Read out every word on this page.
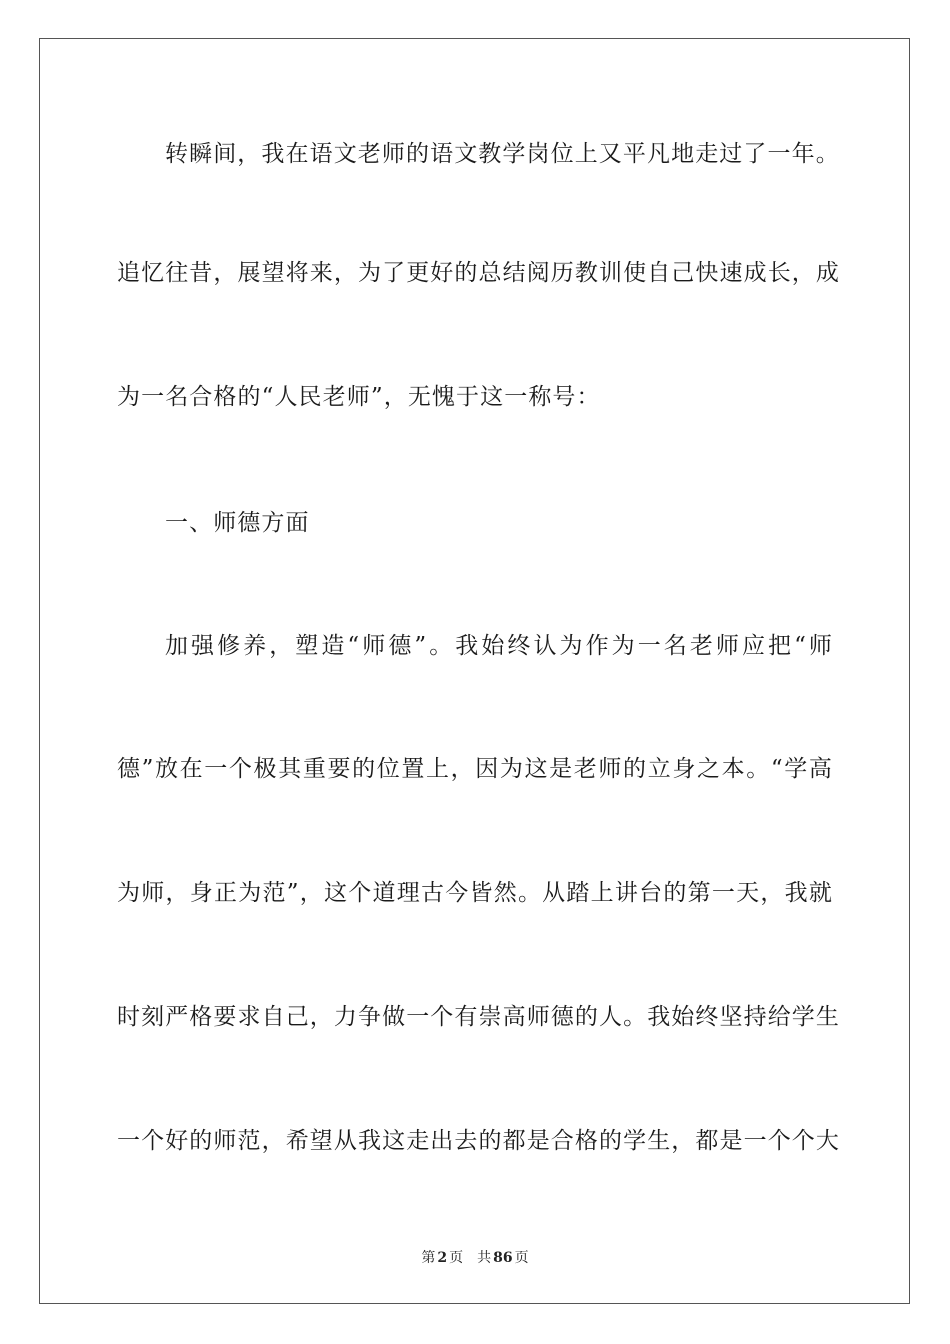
转瞬间，我在语文老师的语文教学岗位上又平凡地走过了一年。
追忆往昔，展望将来，为了更好的总结阅历教训使自己快速成长，成
为一名合格的“人民老师”，无愧于这一称号：
一、师德方面
加强修养，塑造“师德”。我始终认为作为一名老师应把“师
德”放在一个极其重要的位置上，因为这是老师的立身之本。“学高
为师，身正为范”，这个道理古今皆然。从踏上讲台的第一天，我就
时刻严格要求自己，力争做一个有崇高师德的人。我始终坚持给学生
一个好的师范，希望从我这走出去的都是合格的学生，都是一个个大
第 2 页 共 86 页
